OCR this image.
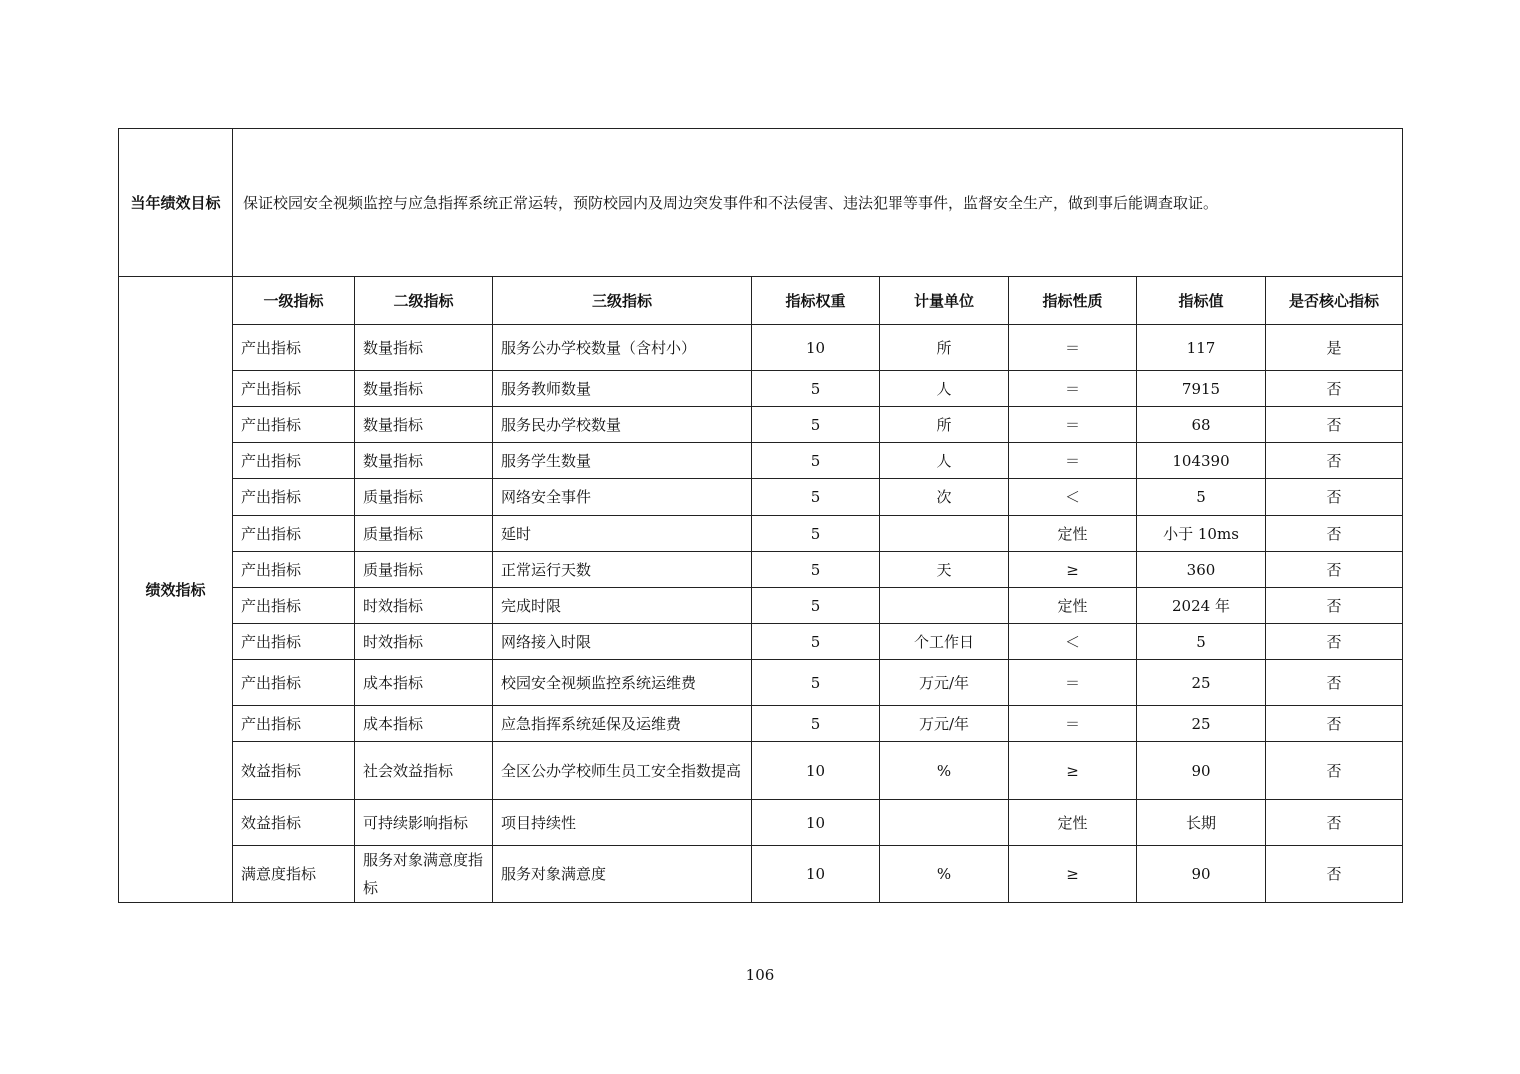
当年绩效目标	保证校园安全视频监控与应急指挥系统正常运转，预防校园内及周边突发事件和不法侵害、违法犯罪等事件，监督安全生产，做到事后能调查取证。							
绩效指标	一级指标	二级指标	三级指标	指标权重	计量单位	指标性质	指标值	是否核心指标
	产出指标	数量指标	服务公办学校数量（含村小）	10	所	＝	117	是
	产出指标	数量指标	服务教师数量	5	人	＝	7915	否
	产出指标	数量指标	服务民办学校数量	5	所	＝	68	否
	产出指标	数量指标	服务学生数量	5	人	＝	104390	否
	产出指标	质量指标	网络安全事件	5	次	＜	5	否
	产出指标	质量指标	延时	5		定性	小于 10ms	否
	产出指标	质量指标	正常运行天数	5	天	≥	360	否
	产出指标	时效指标	完成时限	5		定性	2024 年	否
	产出指标	时效指标	网络接入时限	5	个工作日	＜	5	否
	产出指标	成本指标	校园安全视频监控系统运维费	5	万元/年	＝	25	否
	产出指标	成本指标	应急指挥系统延保及运维费	5	万元/年	＝	25	否
	效益指标	社会效益指标	全区公办学校师生员工安全指数提高	10	%	≥	90	否
	效益指标	可持续影响指标	项目持续性	10		定性	长期	否
	满意度指标	服务对象满意度指标	服务对象满意度	10	%	≥	90	否
106
